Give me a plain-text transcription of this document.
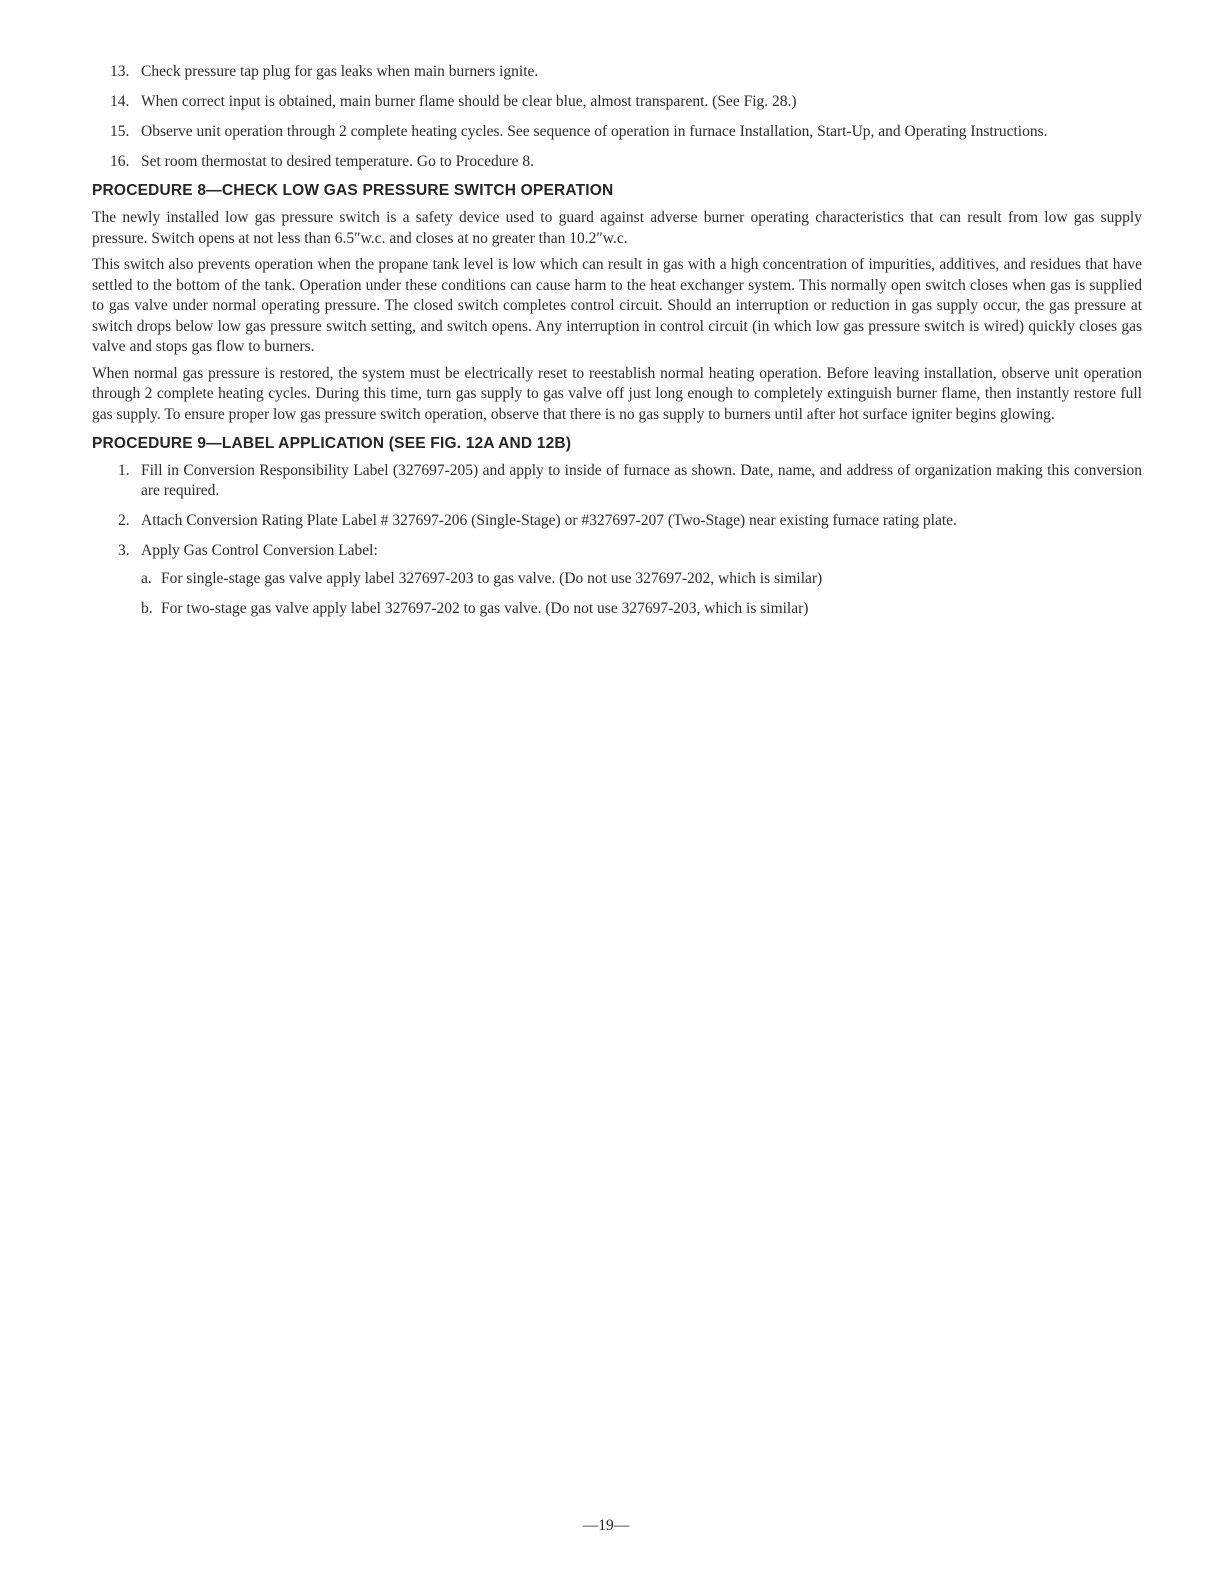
13. Check pressure tap plug for gas leaks when main burners ignite.
14. When correct input is obtained, main burner flame should be clear blue, almost transparent. (See Fig. 28.)
15. Observe unit operation through 2 complete heating cycles. See sequence of operation in furnace Installation, Start-Up, and Operating Instructions.
16. Set room thermostat to desired temperature. Go to Procedure 8.
PROCEDURE 8—CHECK LOW GAS PRESSURE SWITCH OPERATION

The newly installed low gas pressure switch is a safety device used to guard against adverse burner operating characteristics that can result from low gas supply pressure. Switch opens at not less than 6.5″w.c. and closes at no greater than 10.2″w.c.

This switch also prevents operation when the propane tank level is low which can result in gas with a high concentration of impurities, additives, and residues that have settled to the bottom of the tank. Operation under these conditions can cause harm to the heat exchanger system. This normally open switch closes when gas is supplied to gas valve under normal operating pressure. The closed switch completes control circuit. Should an interruption or reduction in gas supply occur, the gas pressure at switch drops below low gas pressure switch setting, and switch opens. Any interruption in control circuit (in which low gas pressure switch is wired) quickly closes gas valve and stops gas flow to burners.

When normal gas pressure is restored, the system must be electrically reset to reestablish normal heating operation. Before leaving installation, observe unit operation through 2 complete heating cycles. During this time, turn gas supply to gas valve off just long enough to completely extinguish burner flame, then instantly restore full gas supply. To ensure proper low gas pressure switch operation, observe that there is no gas supply to burners until after hot surface igniter begins glowing.

PROCEDURE 9—LABEL APPLICATION (SEE FIG. 12A AND 12B)
1. Fill in Conversion Responsibility Label (327697-205) and apply to inside of furnace as shown. Date, name, and address of organization making this conversion are required.
2. Attach Conversion Rating Plate Label # 327697-206 (Single-Stage) or #327697-207 (Two-Stage) near existing furnace rating plate.
3. Apply Gas Control Conversion Label:
a. For single-stage gas valve apply label 327697-203 to gas valve. (Do not use 327697-202, which is similar)
b. For two-stage gas valve apply label 327697-202 to gas valve. (Do not use 327697-203, which is similar)
—19—
